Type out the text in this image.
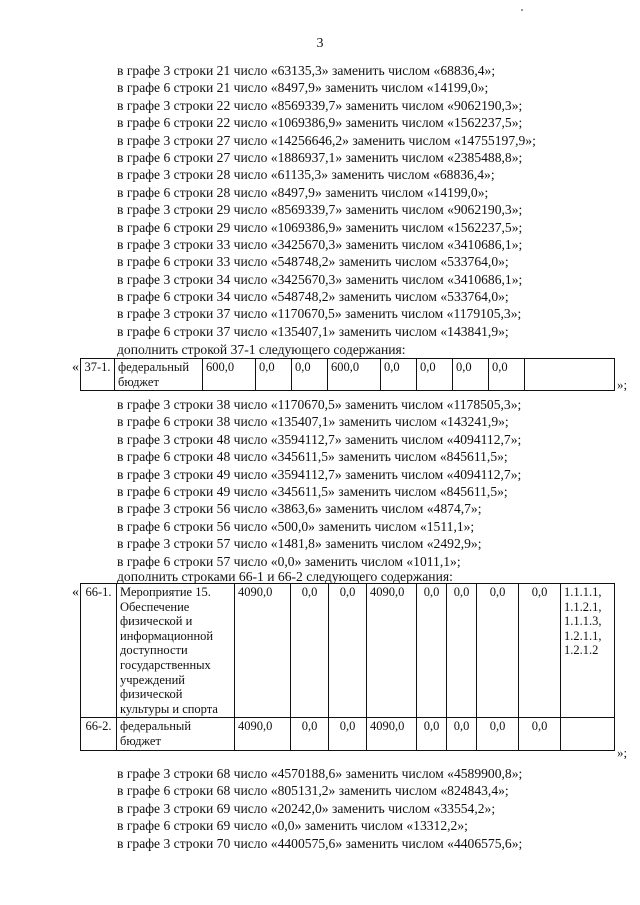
3
в графе 3 строки 21 число «63135,3» заменить числом «68836,4»;
в графе 6 строки 21 число «8497,9» заменить числом «14199,0»;
в графе 3 строки 22 число «8569339,7» заменить числом «9062190,3»;
в графе 6 строки 22 число «1069386,9» заменить числом «1562237,5»;
в графе 3 строки 27 число «14256646,2» заменить числом «14755197,9»;
в графе 6 строки 27 число «1886937,1» заменить числом «2385488,8»;
в графе 3 строки 28 число «61135,3» заменить числом «68836,4»;
в графе 6 строки 28 число «8497,9» заменить числом «14199,0»;
в графе 3 строки 29 число «8569339,7» заменить числом «9062190,3»;
в графе 6 строки 29 число «1069386,9» заменить числом «1562237,5»;
в графе 3 строки 33 число «3425670,3» заменить числом «3410686,1»;
в графе 6 строки 33 число «548748,2» заменить числом «533764,0»;
в графе 3 строки 34 число «3425670,3» заменить числом «3410686,1»;
в графе 6 строки 34 число «548748,2» заменить числом «533764,0»;
в графе 3 строки 37 число «1170670,5» заменить числом «1179105,3»;
в графе 6 строки 37 число «135407,1» заменить числом «143841,9»;
дополнить строкой 37-1 следующего содержания:
« 37-1.	федеральный бюджет	600,0	0,0	0,0	600,0	0,0	0,0	0,0	0,0	
»;
в графе 3 строки 38 число «1170670,5» заменить числом «1178505,3»;
в графе 6 строки 38 число «135407,1» заменить числом «143241,9»;
в графе 3 строки 48 число «3594112,7» заменить числом «4094112,7»;
в графе 6 строки 48 число «345611,5» заменить числом «845611,5»;
в графе 3 строки 49 число «3594112,7» заменить числом «4094112,7»;
в графе 6 строки 49 число «345611,5» заменить числом «845611,5»;
в графе 3 строки 56 число «3863,6» заменить числом «4874,7»;
в графе 6 строки 56 число «500,0» заменить числом «1511,1»;
в графе 3 строки 57 число «1481,8» заменить числом «2492,9»;
в графе 6 строки 57 число «0,0» заменить числом «1011,1»;
дополнить строками 66-1 и 66-2 следующего содержания:
« 66-1.	Мероприятие 15. Обеспечение физической и информационной доступности государственных учреждений физической культуры и спорта	4090,0	0,0	0,0	4090,0	0,0	0,0	0,0	0,0	1.1.1.1,
1.1.2.1,
1.1.1.3,
1.2.1.1,
1.2.1.2

66-2.	федеральный бюджет	4090,0	0,0	0,0	4090,0	0,0	0,0	0,0	0,0	
»;
в графе 3 строки 68 число «4570188,6» заменить числом «4589900,8»;
в графе 6 строки 68 число «805131,2» заменить числом «824843,4»;
в графе 3 строки 69 число «20242,0» заменить числом «33554,2»;
в графе 6 строки 69 число «0,0» заменить числом «13312,2»;
в графе 3 строки 70 число «4400575,6» заменить числом «4406575,6»;
